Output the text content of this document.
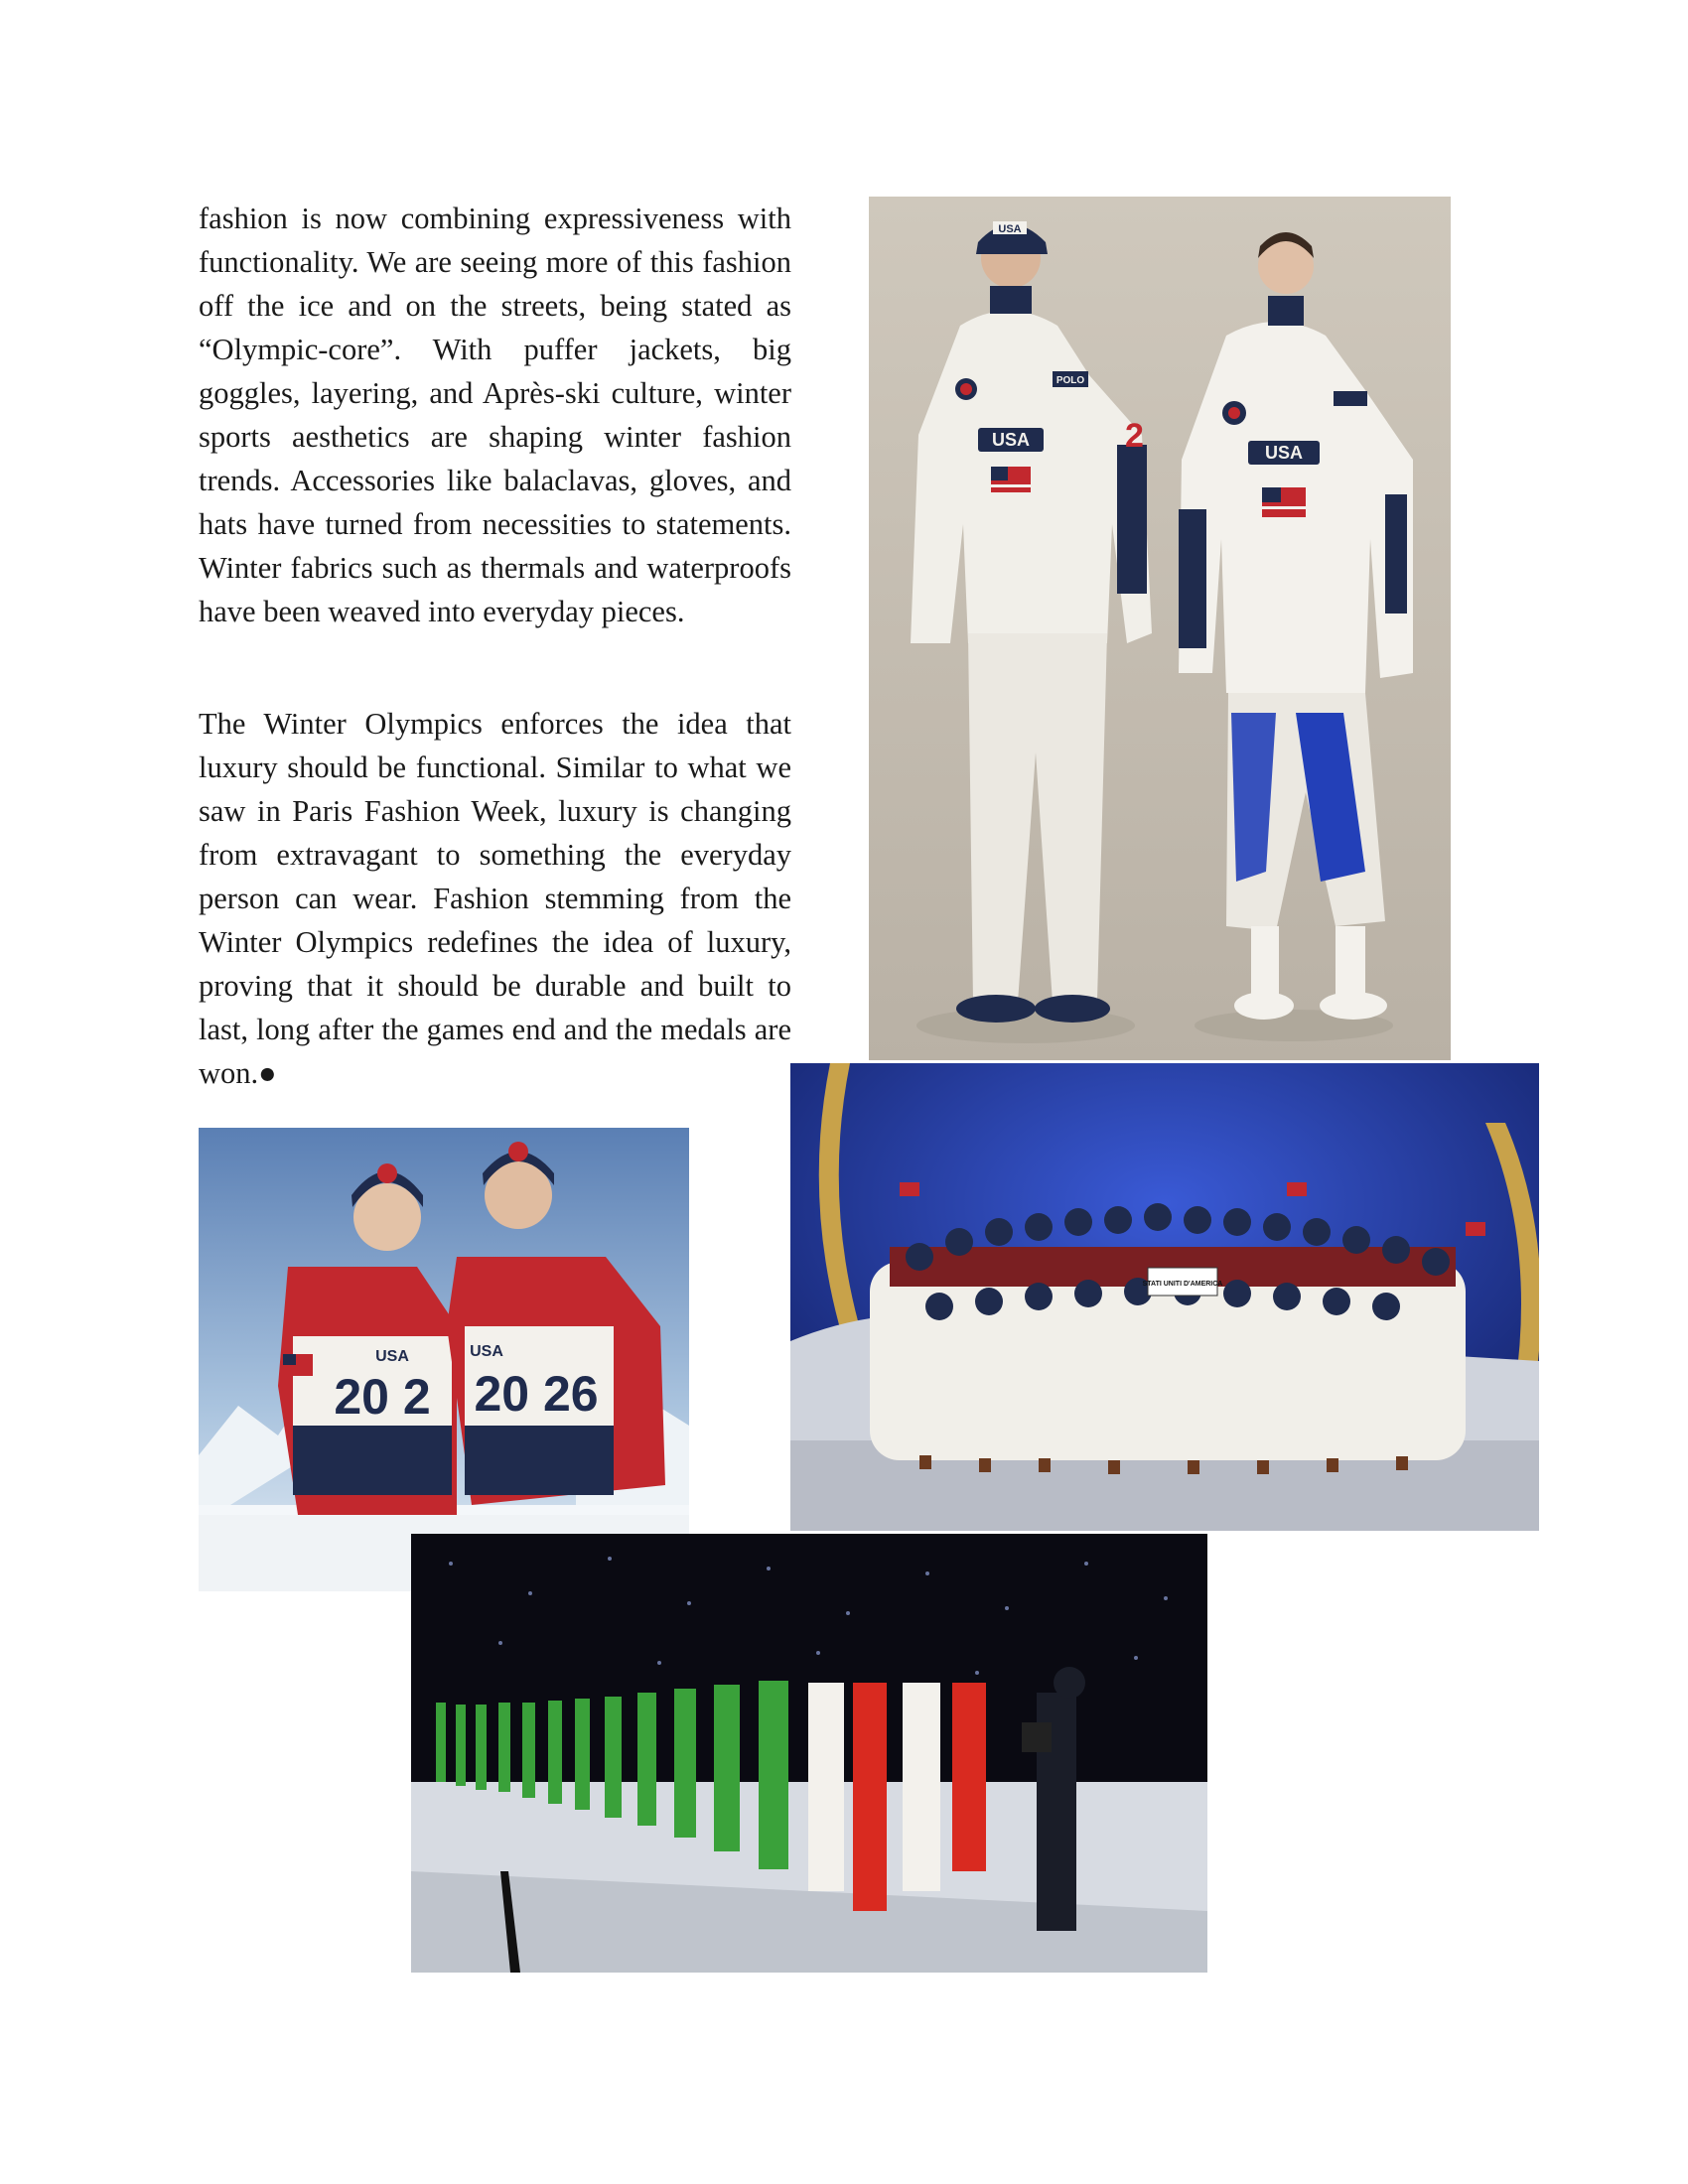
fashion is now combining expressiveness with functionality. We are seeing more of this fashion off the ice and on the streets, being stated as “Olympic-core”. With puffer jackets, big goggles, layering, and Après-ski culture, winter sports aesthetics are shaping winter fashion trends. Accessories like balaclavas, gloves, and hats have turned from necessities to statements. Winter fabrics such as thermals and waterproofs have been weaved into everyday pieces.

The Winter Olympics enforces the idea that luxury should be functional. Similar to what we saw in Paris Fashion Week, luxury is changing from extravagant to something the everyday person can wear. Fashion stemming from the Winter Olympics redefines the idea of luxury, proving that it should be durable and built to last, long after the games end and the medals are won.●

USA
USA
POLO
2	USA
20 2
USA
20 26
USA
STATI UNITI D'AMERICA
